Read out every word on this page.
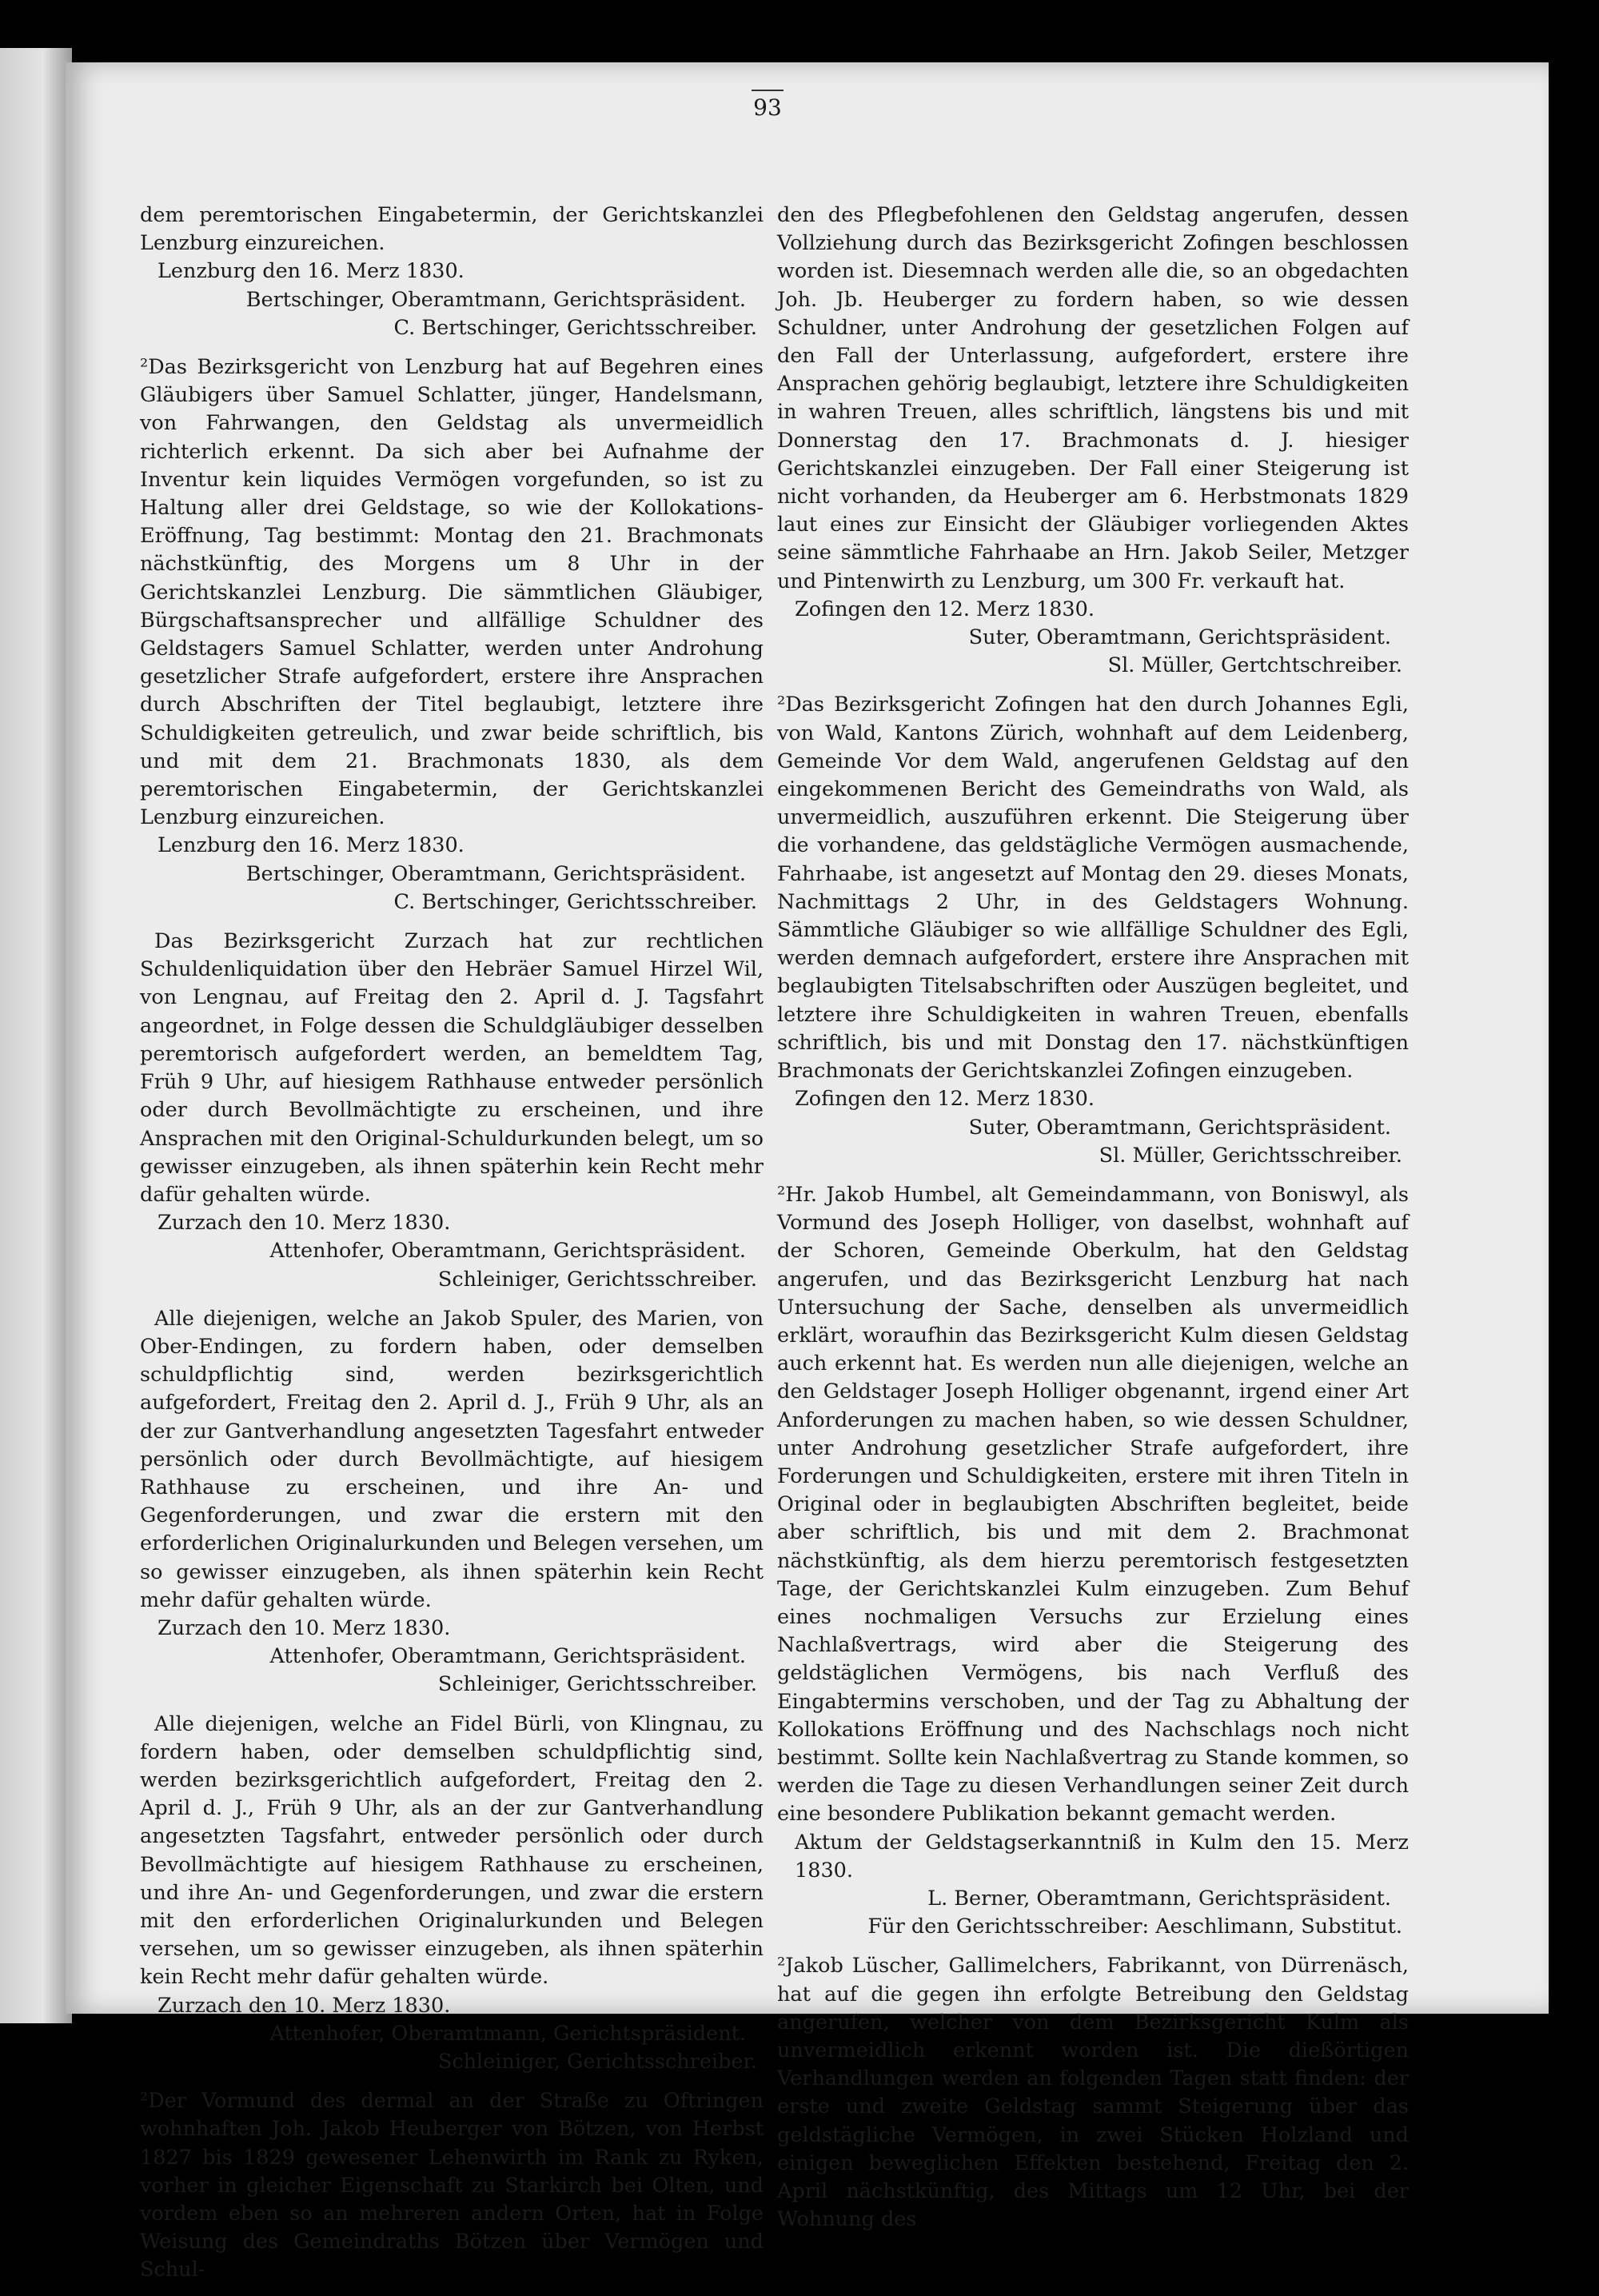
93

dem peremtorischen Eingabetermin, der Gerichtskanzlei Lenzburg einzureichen.

Lenzburg den 16. Merz 1830.

Bertschinger, Oberamtmann, Gerichtspräsident.

C. Bertschinger, Gerichtsschreiber.

²Das Bezirksgericht von Lenzburg hat auf Begehren eines Gläubigers über Samuel Schlatter, jünger, Handelsmann, von Fahrwangen, den Geldstag als unvermeidlich richterlich erkennt. Da sich aber bei Aufnahme der Inventur kein liquides Vermögen vorgefunden, so ist zu Haltung aller drei Geldstage, so wie der Kollokations-Eröffnung, Tag bestimmt: Montag den 21. Brachmonats nächstkünftig, des Morgens um 8 Uhr in der Gerichtskanzlei Lenzburg. Die sämmtlichen Gläubiger, Bürgschaftsansprecher und allfällige Schuldner des Geldstagers Samuel Schlatter, werden unter Androhung gesetzlicher Strafe aufgefordert, erstere ihre Ansprachen durch Abschriften der Titel beglaubigt, letztere ihre Schuldigkeiten getreulich, und zwar beide schriftlich, bis und mit dem 21. Brachmonats 1830, als dem peremtorischen Eingabetermin, der Gerichtskanzlei Lenzburg einzureichen.

Lenzburg den 16. Merz 1830.

Bertschinger, Oberamtmann, Gerichtspräsident.

C. Bertschinger, Gerichtsschreiber.

Das Bezirksgericht Zurzach hat zur rechtlichen Schuldenliquidation über den Hebräer Samuel Hirzel Wil, von Lengnau, auf Freitag den 2. April d. J. Tagsfahrt angeordnet, in Folge dessen die Schuldgläubiger desselben peremtorisch aufgefordert werden, an bemeldtem Tag, Früh 9 Uhr, auf hiesigem Rathhause entweder persönlich oder durch Bevollmächtigte zu erscheinen, und ihre Ansprachen mit den Original-Schuldurkunden belegt, um so gewisser einzugeben, als ihnen späterhin kein Recht mehr dafür gehalten würde.

Zurzach den 10. Merz 1830.

Attenhofer, Oberamtmann, Gerichtspräsident.

Schleiniger, Gerichtsschreiber.

Alle diejenigen, welche an Jakob Spuler, des Marien, von Ober-Endingen, zu fordern haben, oder demselben schuldpflichtig sind, werden bezirksgerichtlich aufgefordert, Freitag den 2. April d. J., Früh 9 Uhr, als an der zur Gantverhandlung angesetzten Tagesfahrt entweder persönlich oder durch Bevollmächtigte, auf hiesigem Rathhause zu erscheinen, und ihre An- und Gegenforderungen, und zwar die erstern mit den erforderlichen Originalurkunden und Belegen versehen, um so gewisser einzugeben, als ihnen späterhin kein Recht mehr dafür gehalten würde.

Zurzach den 10. Merz 1830.

Attenhofer, Oberamtmann, Gerichtspräsident.

Schleiniger, Gerichtsschreiber.

Alle diejenigen, welche an Fidel Bürli, von Klingnau, zu fordern haben, oder demselben schuldpflichtig sind, werden bezirksgerichtlich aufgefordert, Freitag den 2. April d. J., Früh 9 Uhr, als an der zur Gantverhandlung angesetzten Tagsfahrt, entweder persönlich oder durch Bevollmächtigte auf hiesigem Rathhause zu erscheinen, und ihre An- und Gegenforderungen, und zwar die erstern mit den erforderlichen Originalurkunden und Belegen versehen, um so gewisser einzugeben, als ihnen späterhin kein Recht mehr dafür gehalten würde.

Zurzach den 10. Merz 1830.

Attenhofer, Oberamtmann, Gerichtspräsident.

Schleiniger, Gerichtsschreiber.

²Der Vormund des dermal an der Straße zu Oftringen wohnhaften Joh. Jakob Heuberger von Bötzen, von Herbst 1827 bis 1829 gewesener Lehenwirth im Rank zu Ryken, vorher in gleicher Eigenschaft zu Starkirch bei Olten, und vordem eben so an mehreren andern Orten, hat in Folge Weisung des Gemeindraths Bötzen über Vermögen und Schul-

den des Pflegbefohlenen den Geldstag angerufen, dessen Vollziehung durch das Bezirksgericht Zofingen beschlossen worden ist. Diesemnach werden alle die, so an obgedachten Joh. Jb. Heuberger zu fordern haben, so wie dessen Schuldner, unter Androhung der gesetzlichen Folgen auf den Fall der Unterlassung, aufgefordert, erstere ihre Ansprachen gehörig beglaubigt, letztere ihre Schuldigkeiten in wahren Treuen, alles schriftlich, längstens bis und mit Donnerstag den 17. Brachmonats d. J. hiesiger Gerichtskanzlei einzugeben. Der Fall einer Steigerung ist nicht vorhanden, da Heuberger am 6. Herbstmonats 1829 laut eines zur Einsicht der Gläubiger vorliegenden Aktes seine sämmtliche Fahrhaabe an Hrn. Jakob Seiler, Metzger und Pintenwirth zu Lenzburg, um 300 Fr. verkauft hat.

Zofingen den 12. Merz 1830.

Suter, Oberamtmann, Gerichtspräsident.

Sl. Müller, Gertchtschreiber.

²Das Bezirksgericht Zofingen hat den durch Johannes Egli, von Wald, Kantons Zürich, wohnhaft auf dem Leidenberg, Gemeinde Vor dem Wald, angerufenen Geldstag auf den eingekommenen Bericht des Gemeindraths von Wald, als unvermeidlich, auszuführen erkennt. Die Steigerung über die vorhandene, das geldstägliche Vermögen ausmachende, Fahrhaabe, ist angesetzt auf Montag den 29. dieses Monats, Nachmittags 2 Uhr, in des Geldstagers Wohnung. Sämmtliche Gläubiger so wie allfällige Schuldner des Egli, werden demnach aufgefordert, erstere ihre Ansprachen mit beglaubigten Titelsabschriften oder Auszügen begleitet, und letztere ihre Schuldigkeiten in wahren Treuen, ebenfalls schriftlich, bis und mit Donstag den 17. nächstkünftigen Brachmonats der Gerichtskanzlei Zofingen einzugeben.

Zofingen den 12. Merz 1830.

Suter, Oberamtmann, Gerichtspräsident.

Sl. Müller, Gerichtsschreiber.

²Hr. Jakob Humbel, alt Gemeindammann, von Boniswyl, als Vormund des Joseph Holliger, von daselbst, wohnhaft auf der Schoren, Gemeinde Oberkulm, hat den Geldstag angerufen, und das Bezirksgericht Lenzburg hat nach Untersuchung der Sache, denselben als unvermeidlich erklärt, woraufhin das Bezirksgericht Kulm diesen Geldstag auch erkennt hat. Es werden nun alle diejenigen, welche an den Geldstager Joseph Holliger obgenannt, irgend einer Art Anforderungen zu machen haben, so wie dessen Schuldner, unter Androhung gesetzlicher Strafe aufgefordert, ihre Forderungen und Schuldigkeiten, erstere mit ihren Titeln in Original oder in beglaubigten Abschriften begleitet, beide aber schriftlich, bis und mit dem 2. Brachmonat nächstkünftig, als dem hierzu peremtorisch festgesetzten Tage, der Gerichtskanzlei Kulm einzugeben. Zum Behuf eines nochmaligen Versuchs zur Erzielung eines Nachlaßvertrags, wird aber die Steigerung des geldstäglichen Vermögens, bis nach Verfluß des Eingabtermins verschoben, und der Tag zu Abhaltung der Kollokations Eröffnung und des Nachschlags noch nicht bestimmt. Sollte kein Nachlaßvertrag zu Stande kommen, so werden die Tage zu diesen Verhandlungen seiner Zeit durch eine besondere Publikation bekannt gemacht werden.

Aktum der Geldstagserkanntniß in Kulm den 15. Merz 1830.

L. Berner, Oberamtmann, Gerichtspräsident.

Für den Gerichtsschreiber: Aeschlimann, Substitut.

²Jakob Lüscher, Gallimelchers, Fabrikannt, von Dürrenäsch, hat auf die gegen ihn erfolgte Betreibung den Geldstag angerufen, welcher von dem Bezirksgericht Kulm als unvermeidlich erkennt worden ist. Die dießörtigen Verhandlungen werden an folgenden Tagen statt finden: der erste und zweite Geldstag sammt Steigerung über das geldstägliche Vermögen, in zwei Stücken Holzland und einigen beweglichen Effekten bestehend, Freitag den 2. April nächstkünftig, des Mittags um 12 Uhr, bei der Wohnung des
